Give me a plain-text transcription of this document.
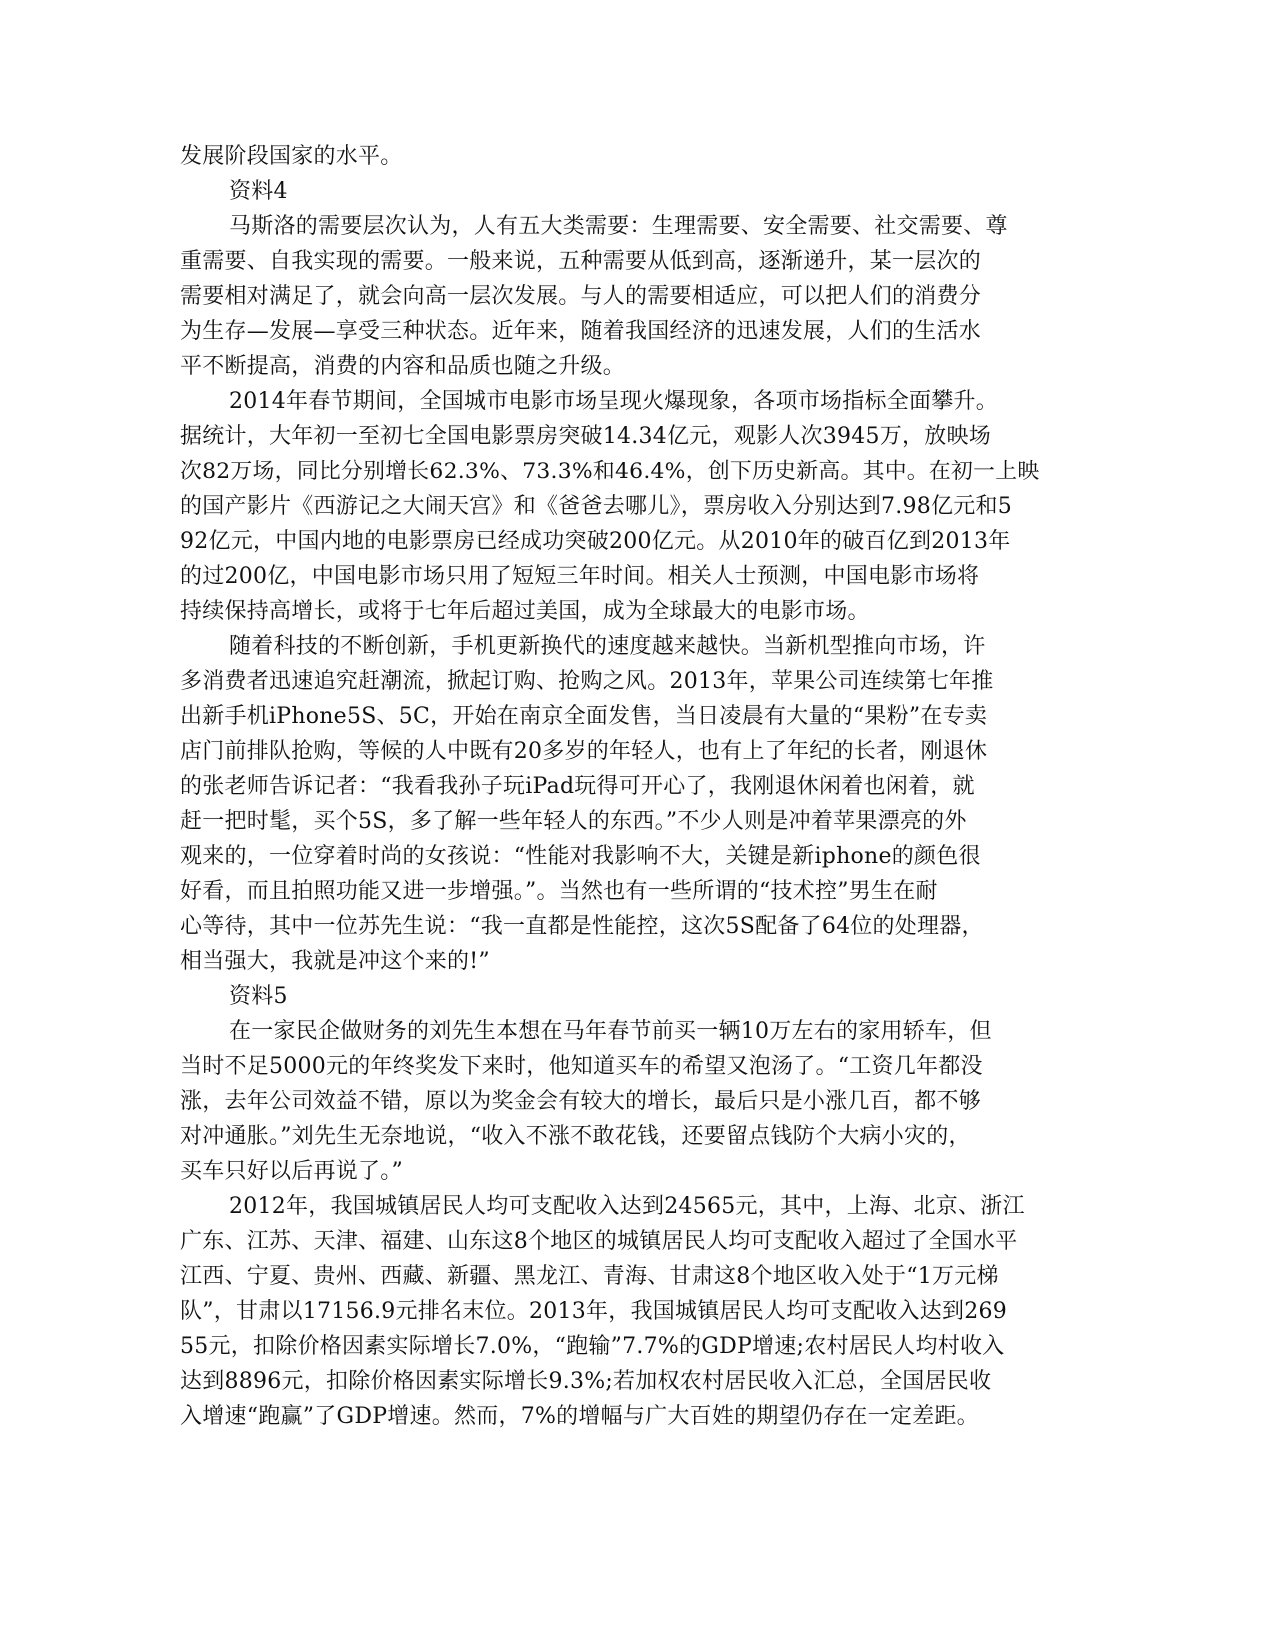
发展阶段国家的水平。
资料4
马斯洛的需要层次认为，人有五大类需要：生理需要、安全需要、社交需要、尊
重需要、自我实现的需要。一般来说，五种需要从低到高，逐渐递升，某一层次的
需要相对满足了，就会向高一层次发展。与人的需要相适应，可以把人们的消费分
为生存—发展—享受三种状态。近年来，随着我国经济的迅速发展，人们的生活水
平不断提高，消费的内容和品质也随之升级。
2014年春节期间，全国城市电影市场呈现火爆现象，各项市场指标全面攀升。
据统计，大年初一至初七全国电影票房突破14.34亿元，观影人次3945万，放映场
次82万场，同比分别增长62.3%、73.3%和46.4%，创下历史新高。其中。在初一上映
的国产影片《西游记之大闹天宫》和《爸爸去哪儿》，票房收入分别达到7.98亿元和5
92亿元，中国内地的电影票房已经成功突破200亿元。从2010年的破百亿到2013年
的过200亿，中国电影市场只用了短短三年时间。相关人士预测，中国电影市场将
持续保持高增长，或将于七年后超过美国，成为全球最大的电影市场。
随着科技的不断创新，手机更新换代的速度越来越快。当新机型推向市场，许
多消费者迅速追究赶潮流，掀起订购、抢购之风。2013年，苹果公司连续第七年推
出新手机iPhone5S、5C，开始在南京全面发售，当日凌晨有大量的“果粉”在专卖
店门前排队抢购，等候的人中既有20多岁的年轻人，也有上了年纪的长者，刚退休
的张老师告诉记者：“我看我孙子玩iPad玩得可开心了，我刚退休闲着也闲着，就
赶一把时髦，买个5S，多了解一些年轻人的东西。”不少人则是冲着苹果漂亮的外
观来的，一位穿着时尚的女孩说：“性能对我影响不大，关键是新iphone的颜色很
好看，而且拍照功能又进一步增强。”。当然也有一些所谓的“技术控”男生在耐
心等待，其中一位苏先生说：“我一直都是性能控，这次5S配备了64位的处理器，
相当强大，我就是冲这个来的!”
资料5
在一家民企做财务的刘先生本想在马年春节前买一辆10万左右的家用轿车，但
当时不足5000元的年终奖发下来时，他知道买车的希望又泡汤了。“工资几年都没
涨，去年公司效益不错，原以为奖金会有较大的增长，最后只是小涨几百，都不够
对冲通胀。”刘先生无奈地说，“收入不涨不敢花钱，还要留点钱防个大病小灾的，
买车只好以后再说了。”
2012年，我国城镇居民人均可支配收入达到24565元，其中，上海、北京、浙江
广东、江苏、天津、福建、山东这8个地区的城镇居民人均可支配收入超过了全国水平
江西、宁夏、贵州、西藏、新疆、黑龙江、青海、甘肃这8个地区收入处于“1万元梯
队”，甘肃以17156.9元排名末位。2013年，我国城镇居民人均可支配收入达到269
55元，扣除价格因素实际增长7.0%，“跑输”7.7%的GDP增速;农村居民人均村收入
达到8896元，扣除价格因素实际增长9.3%;若加权农村居民收入汇总，全国居民收
入增速“跑赢”了GDP增速。然而，7%的增幅与广大百姓的期望仍存在一定差距。
